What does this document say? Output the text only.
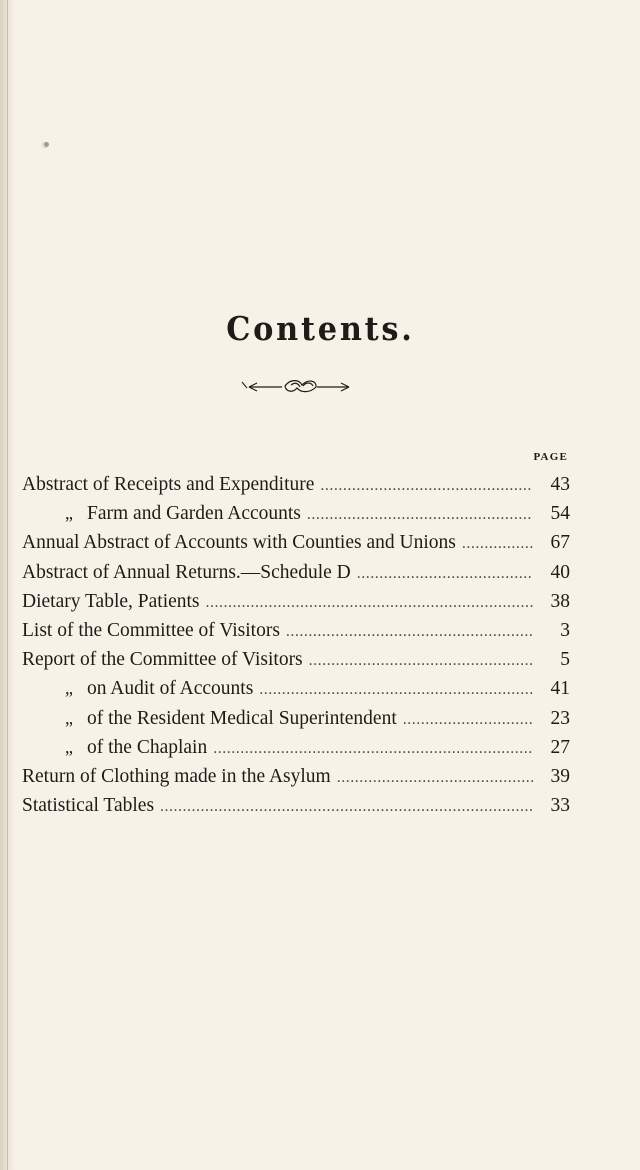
Contents.
PAGE
Abstract of Receipts and Expenditure .....	43
„ Farm and Garden Accounts .....	54
Annual Abstract of Accounts with Counties and Unions .....	67
Abstract of Annual Returns.—Schedule D .....	40
Dietary Table, Patients .....	38
List of the Committee of Visitors .....	3
Report of the Committee of Visitors .....	5
„ on Audit of Accounts .....	41
„ of the Resident Medical Superintendent .....	23
„ of the Chaplain .....	27
Return of Clothing made in the Asylum .....	39
Statistical Tables .....	33
